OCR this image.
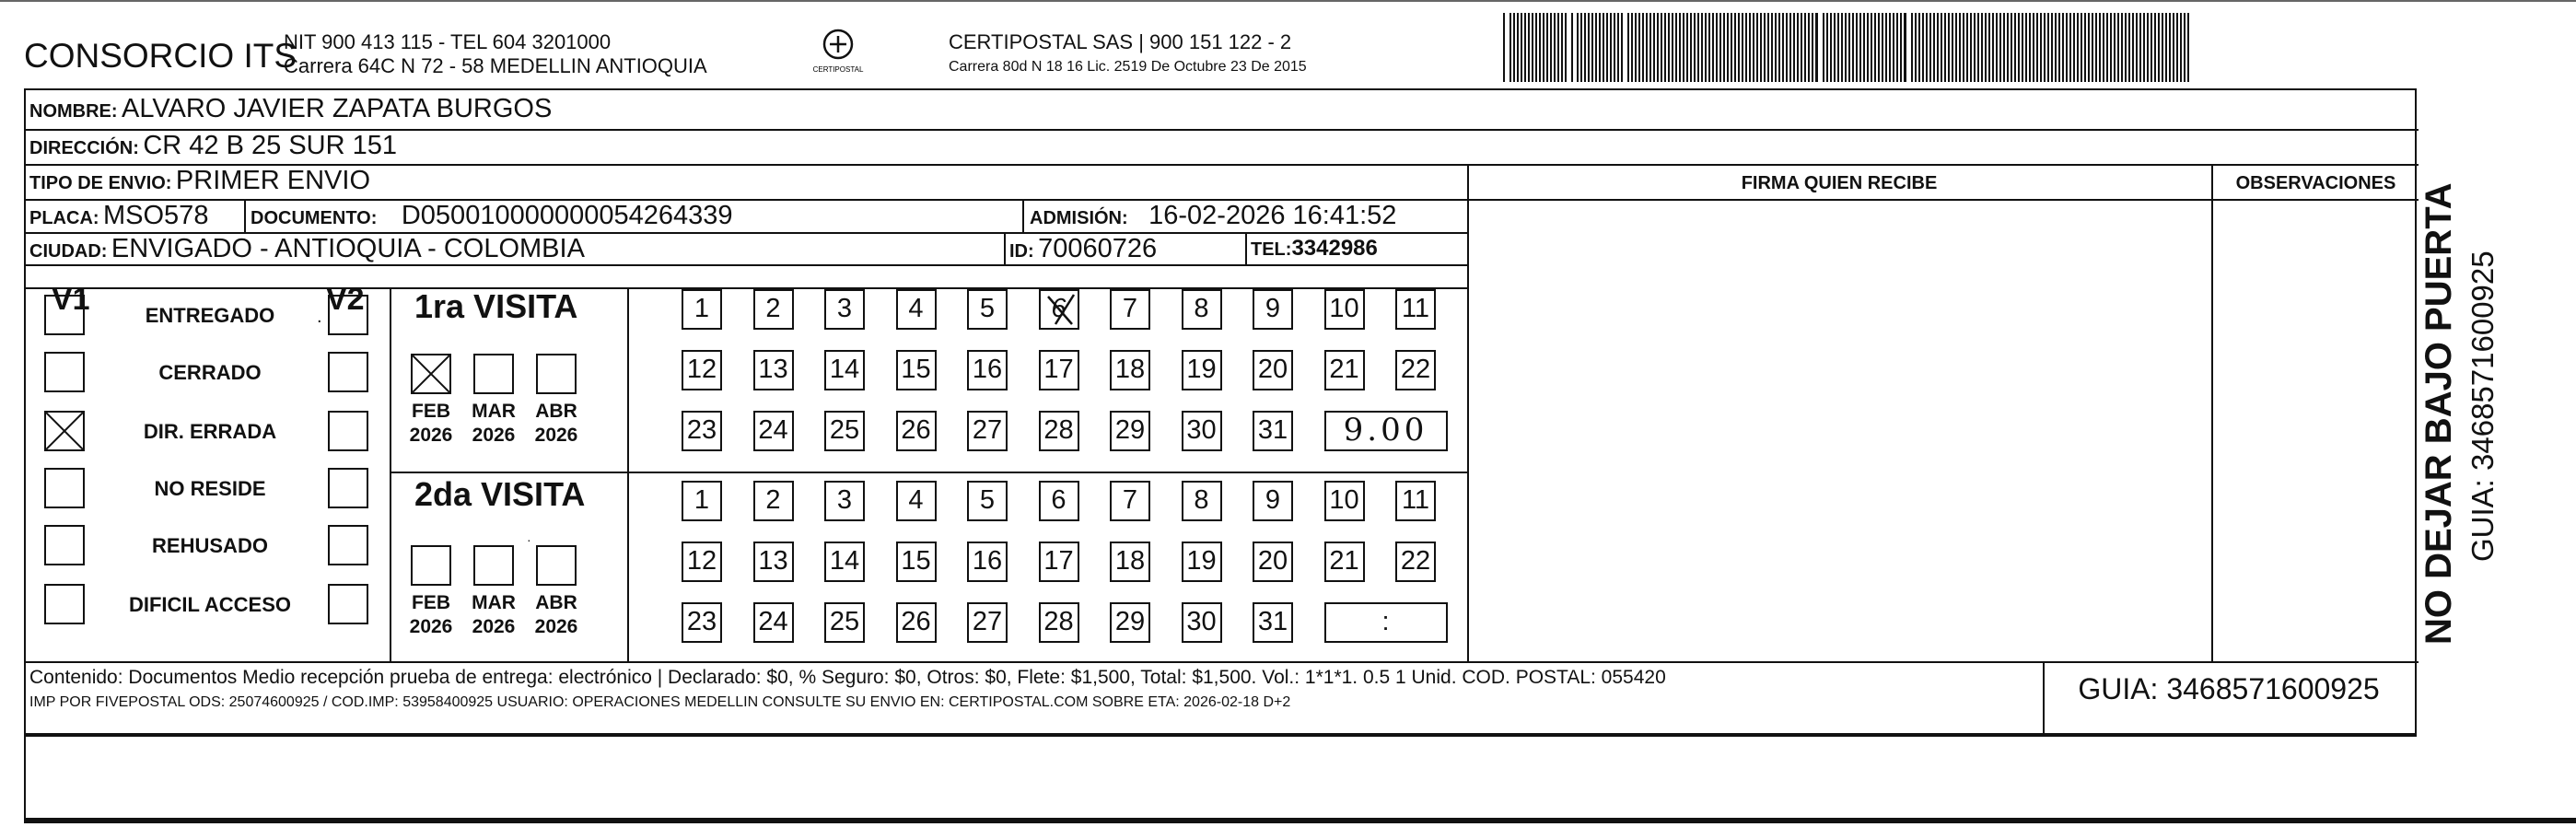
CONSORCIO ITS
NIT 900 413 115 - TEL 604 3201000
Carrera 64C N 72 - 58 MEDELLIN ANTIOQUIA	CERTIPOSTAL
CERTIPOSTAL SAS | 900 151 122 - 2
Carrera 80d N 18 16 Lic. 2519 De Octubre 23 De 2015
NOMBRE: ALVARO JAVIER ZAPATA BURGOS
DIRECCIÓN: CR 42 B 25 SUR 151
TIPO DE ENVIO: PRIMER ENVIO	FIRMA QUIEN RECIBE	OBSERVACIONES
PLACA: MSO578 DOCUMENTO: D050010000000054264339	ADMISIÓN: 16-02-2026 16:41:52
CIUDAD: ENVIGADO - ANTIOQUIA - COLOMBIA	ID: 70060726	TEL:3342986
V1	V2
.
ENTREGADO
CERRADO
DIR. ERRADA
NO RESIDE
REHUSADO
DIFICIL ACCESO
1ra VISITA
FEB
2026
MAR
2026
ABR
2026
1	2	3	4	5	6	7	8	9	10 11
12 13 14 15 16 17 18 19 20 21 22
23 24 25 26 27 28 29 30 31	9.00
2da VISITA
·
FEB
2026
MAR
2026
ABR
2026
1	2	3	4	5	6	7	8	9	10 11
12 13 14 15 16 17 18 19 20 21 22
23 24 25 26 27 28 29 30 31	:
Contenido: Documentos Medio recepción prueba de entrega: electrónico | Declarado: $0, % Seguro: $0, Otros: $0, Flete: $1,500, Total: $1,500. Vol.: 1*1*1. 0.5 1 Unid. COD. POSTAL: 055420
IMP POR FIVEPOSTAL ODS: 25074600925 / COD.IMP: 53958400925 USUARIO: OPERACIONES MEDELLIN CONSULTE SU ENVIO EN: CERTIPOSTAL.COM SOBRE ETA: 2026-02-18 D+2	GUIA: 3468571600925
NO DEJAR BAJO PUERTA GUIA: 3468571600925
